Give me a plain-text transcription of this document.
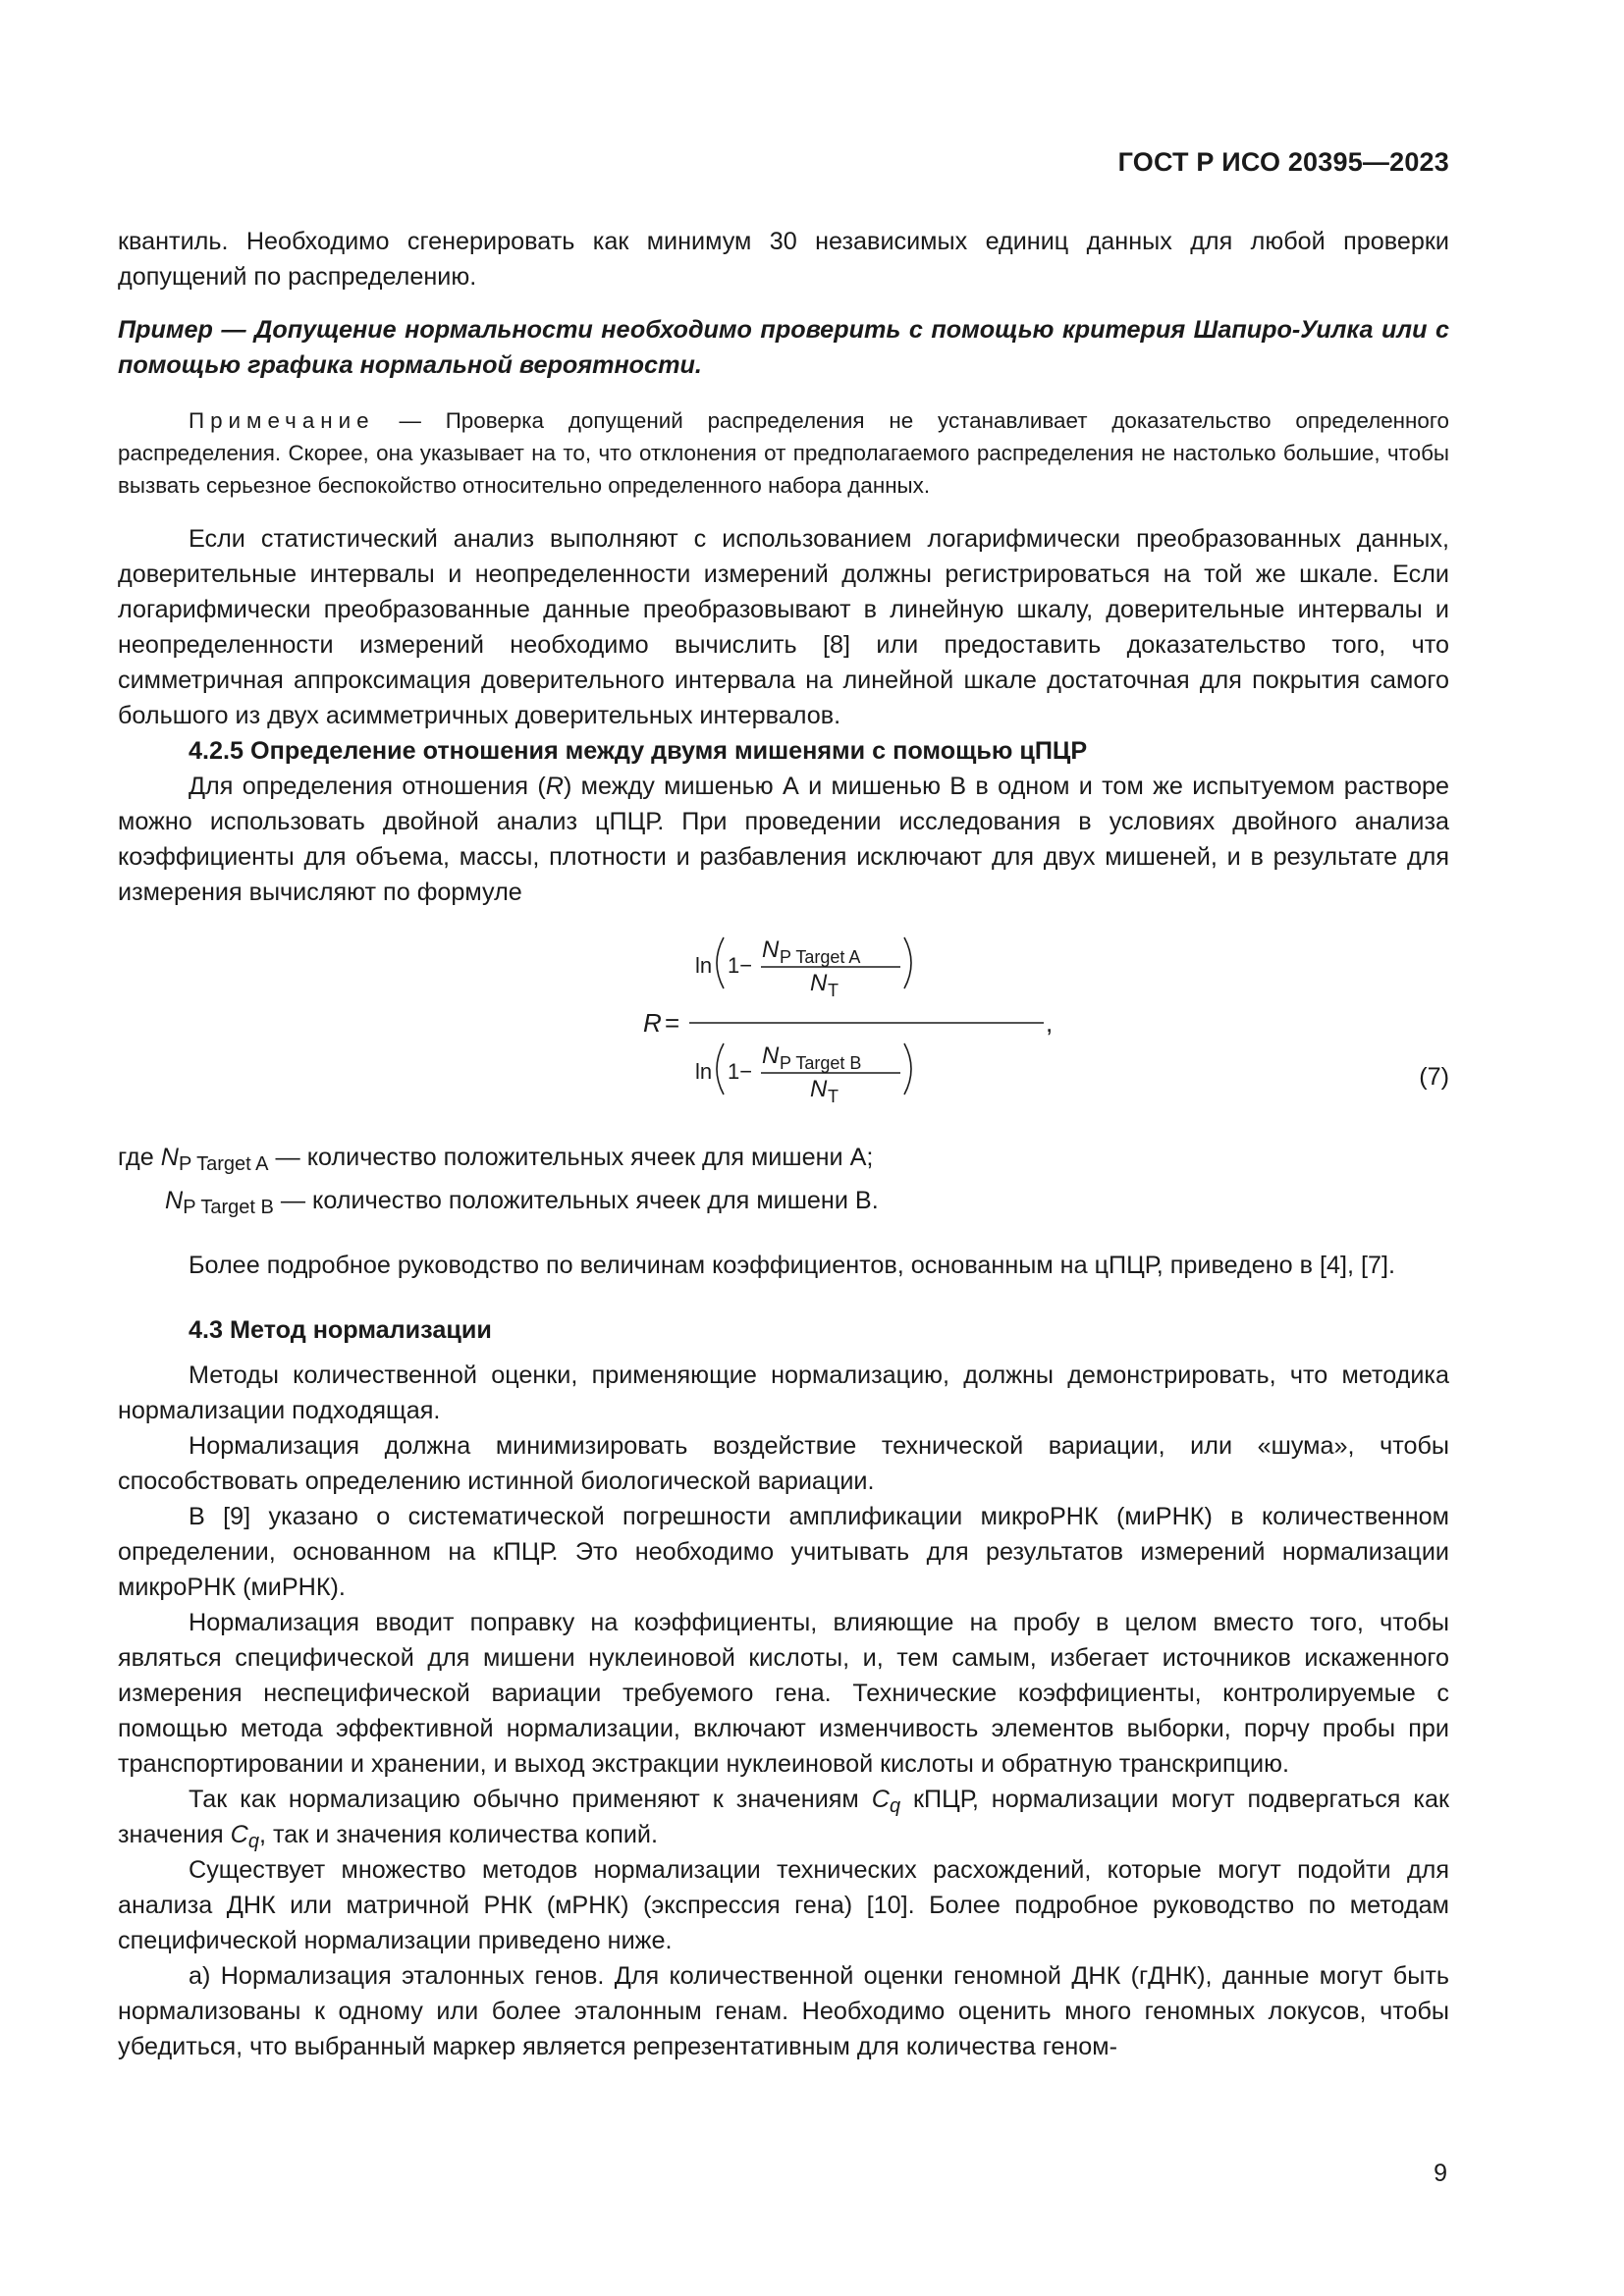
ГОСТ Р ИСО 20395—2023

квантиль. Необходимо сгенерировать как минимум 30 независимых единиц данных для любой проверки допущений по распределению.

Пример — Допущение нормальности необходимо проверить с помощью критерия Шапиро-Уилка или с помощью графика нормальной вероятности.

Примечание — Проверка допущений распределения не устанавливает доказательство определенного распределения. Скорее, она указывает на то, что отклонения от предполагаемого распределения не настолько большие, чтобы вызвать серьезное беспокойство относительно определенного набора данных.

Если статистический анализ выполняют с использованием логарифмически преобразованных данных, доверительные интервалы и неопределенности измерений должны регистрироваться на той же шкале. Если логарифмически преобразованные данные преобразовывают в линейную шкалу, доверительные интервалы и неопределенности измерений необходимо вычислить [8] или предоставить доказательство того, что симметричная аппроксимация доверительного интервала на линейной шкале достаточная для покрытия самого большого из двух асимметричных доверительных интервалов.

4.2.5 Определение отношения между двумя мишенями с помощью цПЦР

Для определения отношения (R) между мишенью А и мишенью В в одном и том же испытуемом растворе можно использовать двойной анализ цПЦР. При проведении исследования в условиях двойного анализа коэффициенты для объема, массы, плотности и разбавления исключают для двух мишеней, и в результате для измерения вычисляют по формуле

R =	,
ln 1−
N P Target A
N T
ln 1−
N P Target B
N T
(7)

где $N_{P Target A}$ — количество положительных ячеек для мишени А;

$N_{P Target B}$ — количество положительных ячеек для мишени В.

Более подробное руководство по величинам коэффициентов, основанным на цПЦР, приведено в [4], [7].

4.3 Метод нормализации

Методы количественной оценки, применяющие нормализацию, должны демонстрировать, что методика нормализации подходящая.

Нормализация должна минимизировать воздействие технической вариации, или «шума», чтобы способствовать определению истинной биологической вариации.

В [9] указано о систематической погрешности амплификации микроРНК (миРНК) в количественном определении, основанном на кПЦР. Это необходимо учитывать для результатов измерений нормализации микроРНК (миРНК).

Нормализация вводит поправку на коэффициенты, влияющие на пробу в целом вместо того, чтобы являться специфической для мишени нуклеиновой кислоты, и, тем самым, избегает источников искаженного измерения неспецифической вариации требуемого гена. Технические коэффициенты, контролируемые с помощью метода эффективной нормализации, включают изменчивость элементов выборки, порчу пробы при транспортировании и хранении, и выход экстракции нуклеиновой кислоты и обратную транскрипцию.

Так как нормализацию обычно применяют к значениям $C_q$ кПЦР, нормализации могут подвергаться как значения $C_q$, так и значения количества копий.

Существует множество методов нормализации технических расхождений, которые могут подойти для анализа ДНК или матричной РНК (мРНК) (экспрессия гена) [10]. Более подробное руководство по методам специфической нормализации приведено ниже.

а) Нормализация эталонных генов. Для количественной оценки геномной ДНК (гДНК), данные могут быть нормализованы к одному или более эталонным генам. Необходимо оценить много геномных локусов, чтобы убедиться, что выбранный маркер является репрезентативным для количества геном-

9
